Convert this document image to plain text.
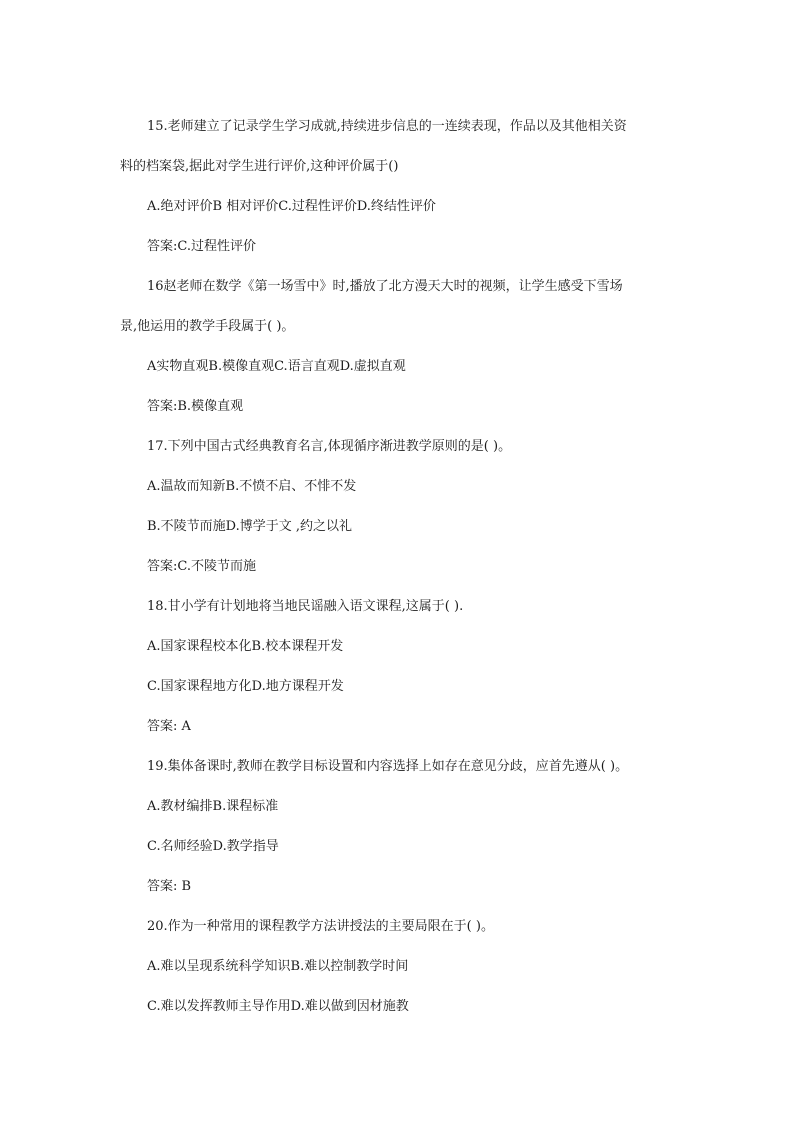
15.老师建立了记录学生学习成就,持续进步信息的一连续表现，作品以及其他相关资
料的档案袋,据此对学生进行评价,这种评价属于()
A.绝对评价B 相对评价C.过程性评价D.终结性评价
答案:C.过程性评价
16赵老师在数学《第一场雪中》时,播放了北方漫天大时的视频，让学生感受下雪场
景,他运用的教学手段属于( )。
A实物直观B.模像直观C.语言直观D.虚拟直观
答案:B.模像直观
17.下列中国古式经典教育名言,体现循序渐进教学原则的是( )。
A.温故而知新B.不愤不启、不悱不发
B.不陵节而施D.博学于文 ,约之以礼
答案:C.不陵节而施
18.甘小学有计划地将当地民谣融入语文课程,这属于( ).
A.国家课程校本化B.校本课程开发
C.国家课程地方化D.地方课程开发
答案: A
19.集体备课时,教师在教学目标设置和内容选择上如存在意见分歧，应首先遵从( )。
A.教材编排B.课程标准
C.名师经验D.教学指导
答案: B
20.作为一种常用的课程教学方法讲授法的主要局限在于( )。
A.难以呈现系统科学知识B.难以控制教学时间
C.难以发挥教师主导作用D.难以做到因材施教
